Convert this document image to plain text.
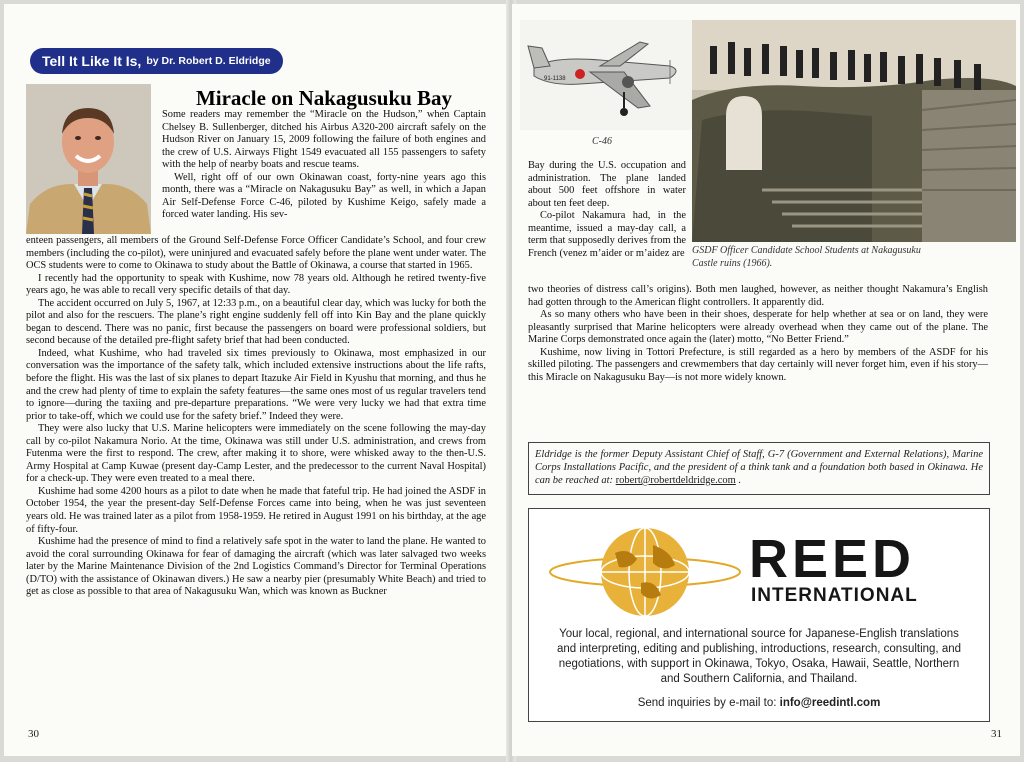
Tell It Like It Is, by Dr. Robert D. Eldridge
Miracle on Nakagusuku Bay

Some readers may remember the “Miracle on the Hudson,” when Captain Chelsey B. Sullenberger, ditched his Airbus A320-200 aircraft safely on the Hudson River on January 15, 2009 following the failure of both engines and the crew of U.S. Airways Flight 1549 evacuated all 155 passengers to safety with the help of nearby boats and rescue teams.

Well, right off of our own Okinawan coast, forty-nine years ago this month, there was a “Miracle on Nakagusuku Bay” as well, in which a Japan Air Self-Defense Force C-46, piloted by Kushime Keigo, safely made a forced water landing. His sev-

enteen passengers, all members of the Ground Self-Defense Force Officer Candidate’s School, and four crew members (including the co-pilot), were uninjured and evacuated safely before the plane went under water. The OCS students were to come to Okinawa to study about the Battle of Okinawa, a course that started in 1965.

I recently had the opportunity to speak with Kushime, now 78 years old. Although he retired twenty-five years ago, he was able to recall very specific details of that day.

The accident occurred on July 5, 1967, at 12:33 p.m., on a beautiful clear day, which was lucky for both the pilot and also for the rescuers. The plane’s right engine suddenly fell off into Kin Bay and the plane quickly began to descend. There was no panic, first because the passengers on board were professional soldiers, but second because of the detailed pre-flight safety brief that had been conducted.

Indeed, what Kushime, who had traveled six times previously to Okinawa, most emphasized in our conversation was the importance of the safety talk, which included extensive instructions about the life rafts, before the flight. His was the last of six planes to depart Itazuke Air Field in Kyushu that morning, and thus he and the crew had plenty of time to explain the safety features—the same ones most of us regular travelers tend to ignore—during the taxiing and pre-departure preparations. “We were very lucky we had that extra time prior to take-off, which we could use for the safety brief.” Indeed they were.

They were also lucky that U.S. Marine helicopters were immediately on the scene following the may-day call by co-pilot Nakamura Norio. At the time, Okinawa was still under U.S. administration, and crews from Futenma were the first to respond. The crew, after making it to shore, were whisked away to the then-U.S. Army Hospital at Camp Kuwae (present day-Camp Lester, and the predecessor to the current Naval Hospital) for a check-up. They were even treated to a meal there.

Kushime had some 4200 hours as a pilot to date when he made that fateful trip. He had joined the ASDF in October 1954, the year the present-day Self-Defense Forces came into being, when he was just seventeen years old. He was trained later as a pilot from 1958-1959. He retired in August 1991 on his birthday, at the age of fifty-four.

Kushime had the presence of mind to find a relatively safe spot in the water to land the plane. He wanted to avoid the coral surrounding Okinawa for fear of damaging the aircraft (which was later salvaged two weeks later by the Marine Maintenance Division of the 2nd Logistics Command’s Director for Terminal Operations (D/TO) with the assistance of Okinawan divers.) He saw a nearby pier (presumably White Beach) and tried to get as close as possible to that area of Nakagusuku Wan, which was known as Buckner

30
91-1138
C-46
GSDF Officer Candidate School Students at Nakagusuku
Castle ruins (1966).

Bay during the U.S. occupation and administration. The plane landed about 500 feet offshore in water about ten feet deep.

Co-pilot Nakamura had, in the meantime, issued a may-day call, a term that supposedly derives from the French (venez m’aider or m’aidez are

two theories of distress call’s origins). Both men laughed, however, as neither thought Nakamura’s English had gotten through to the American flight controllers. It apparently did.

As so many others who have been in their shoes, desperate for help whether at sea or on land, they were pleasantly surprised that Marine helicopters were already overhead when they came out of the plane. The Marine Corps demonstrated once again the (later) motto, “No Better Friend.”

Kushime, now living in Tottori Prefecture, is still regarded as a hero by members of the ASDF for his skilled piloting. The passengers and crewmembers that day certainly will never forget him, even if his story—this Miracle on Nakagusuku Bay—is not more widely known.

Eldridge is the former Deputy Assistant Chief of Staff, G-7 (Government and External Relations), Marine Corps Installations Pacific, and the president of a think tank and a foundation both based in Okinawa. He can be reached at: robert@robertdeldridge.com .
REED
INTERNATIONAL
Your local, regional, and international source for Japanese-English translations and interpreting, editing and publishing, introductions, research, consulting, and negotiations, with support in Okinawa, Tokyo, Osaka, Hawaii, Seattle, Northern and Southern California, and Thailand.
Send inquiries by e-mail to: info@reedintl.com
31
